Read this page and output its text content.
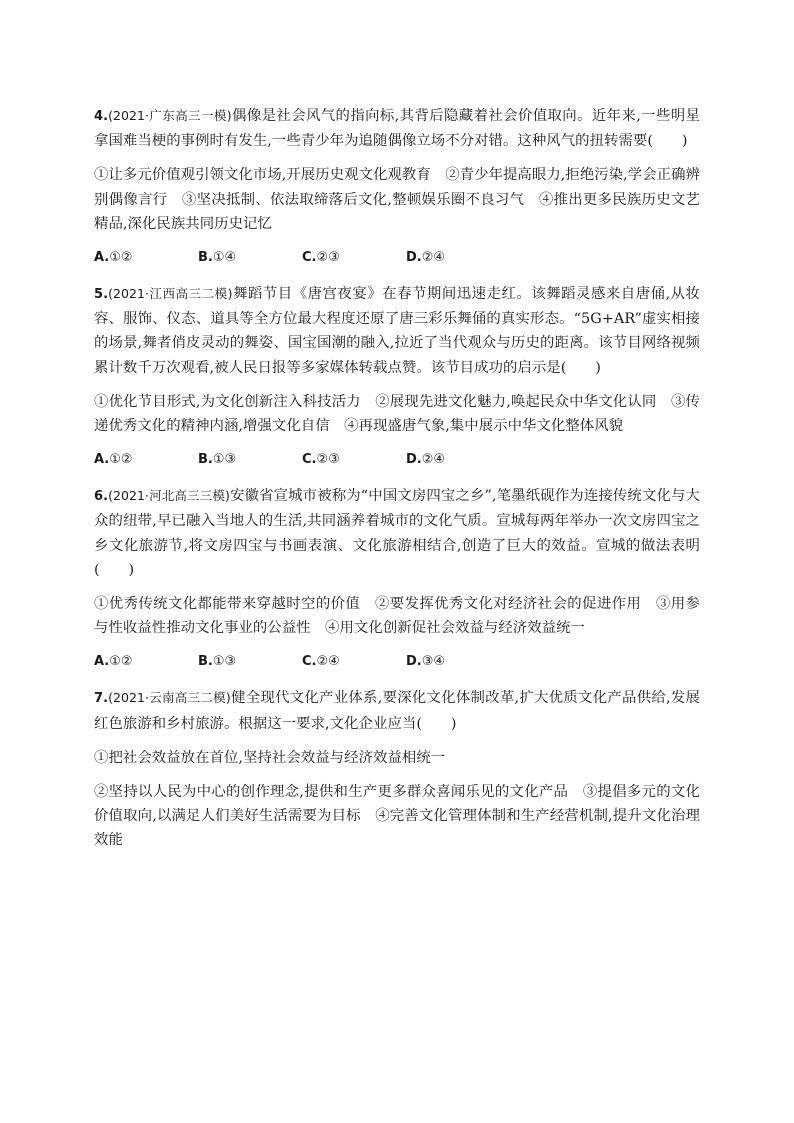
4.(2021·广东高三一模)偶像是社会风气的指向标,其背后隐藏着社会价值取向。近年来,一些明星拿国难当梗的事例时有发生,一些青少年为追随偶像立场不分对错。这种风气的扭转需要(　　)

①让多元价值观引领文化市场,开展历史观文化观教育　②青少年提高眼力,拒绝污染,学会正确辨别偶像言行　③坚决抵制、依法取缔落后文化,整顿娱乐圈不良习气　④推出更多民族历史文艺精品,深化民族共同历史记忆

A.①②	B.①④	C.②③	D.②④

5.(2021·江西高三二模)舞蹈节目《唐宫夜宴》在春节期间迅速走红。该舞蹈灵感来自唐俑,从妆容、服饰、仪态、道具等全方位最大程度还原了唐三彩乐舞俑的真实形态。“5G+AR”虚实相接的场景,舞者俏皮灵动的舞姿、国宝国潮的融入,拉近了当代观众与历史的距离。该节目网络视频累计数千万次观看,被人民日报等多家媒体转载点赞。该节目成功的启示是(　　)

①优化节目形式,为文化创新注入科技活力　②展现先进文化魅力,唤起民众中华文化认同　③传递优秀文化的精神内涵,增强文化自信　④再现盛唐气象,集中展示中华文化整体风貌

A.①②	B.①③	C.②③	D.②④

6.(2021·河北高三三模)安徽省宣城市被称为“中国文房四宝之乡”,笔墨纸砚作为连接传统文化与大众的纽带,早已融入当地人的生活,共同涵养着城市的文化气质。宣城每两年举办一次文房四宝之乡文化旅游节,将文房四宝与书画表演、文化旅游相结合,创造了巨大的效益。宣城的做法表明(　　)

①优秀传统文化都能带来穿越时空的价值　②要发挥优秀文化对经济社会的促进作用　③用参与性收益性推动文化事业的公益性　④用文化创新促社会效益与经济效益统一

A.①②	B.①③	C.②④	D.③④

7.(2021·云南高三二模)健全现代文化产业体系,要深化文化体制改革,扩大优质文化产品供给,发展红色旅游和乡村旅游。根据这一要求,文化企业应当(　　)

①把社会效益放在首位,坚持社会效益与经济效益相统一

②坚持以人民为中心的创作理念,提供和生产更多群众喜闻乐见的文化产品　③提倡多元的文化价值取向,以满足人们美好生活需要为目标　④完善文化管理体制和生产经营机制,提升文化治理效能
